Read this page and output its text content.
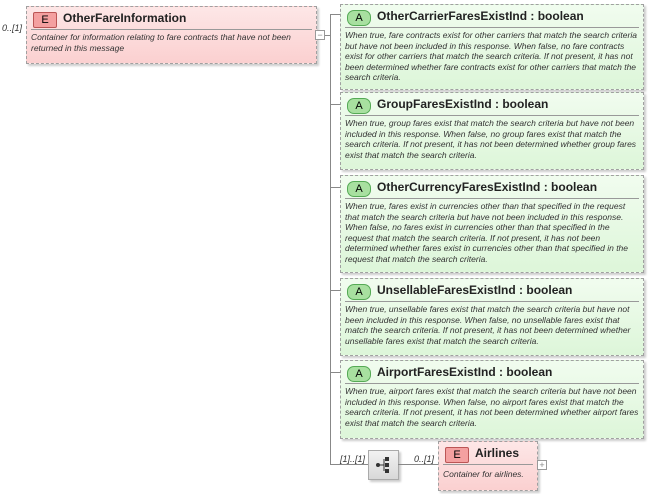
0..[1]
E	OtherFareInformation
Container for information relating to fare contracts that have not been returned in this message
−
A	OtherCarrierFaresExistInd : boolean
When true, fare contracts exist for other carriers that match the search criteria but have not been included in this response. When false, no fare contracts exist for other carriers that match the search criteria. If not present, it has not been determined whether fare contracts exist for other carriers that match the search criteria.
A	GroupFaresExistInd : boolean
When true, group fares exist that match the search criteria but have not been included in this response. When false, no group fares exist that match the search criteria. If not present, it has not been determined whether group fares exist that match the search criteria.
A	OtherCurrencyFaresExistInd : boolean
When true, fares exist in currencies other than that specified in the request that match the search criteria but have not been included in this response. When false, no fares exist in currencies other than that specified in the request that match the search criteria. If not present, it has not been determined whether fares exist in currencies other than that specified in the request that match the search criteria.
A	UnsellableFaresExistInd : boolean
When true, unsellable fares exist that match the search criteria but have not been included in this response. When false, no unsellable fares exist that match the search criteria. If not present, it has not been determined whether unsellable fares exist that match the search criteria.
A	AirportFaresExistInd : boolean
When true, airport fares exist that match the search criteria but have not been included in this response. When false, no airport fares exist that match the search criteria. If not present, it has not been determined whether airport fares exist that match the search criteria.
[1]..[1]	0..[1]	E	Airlines
Container for airlines.
+
